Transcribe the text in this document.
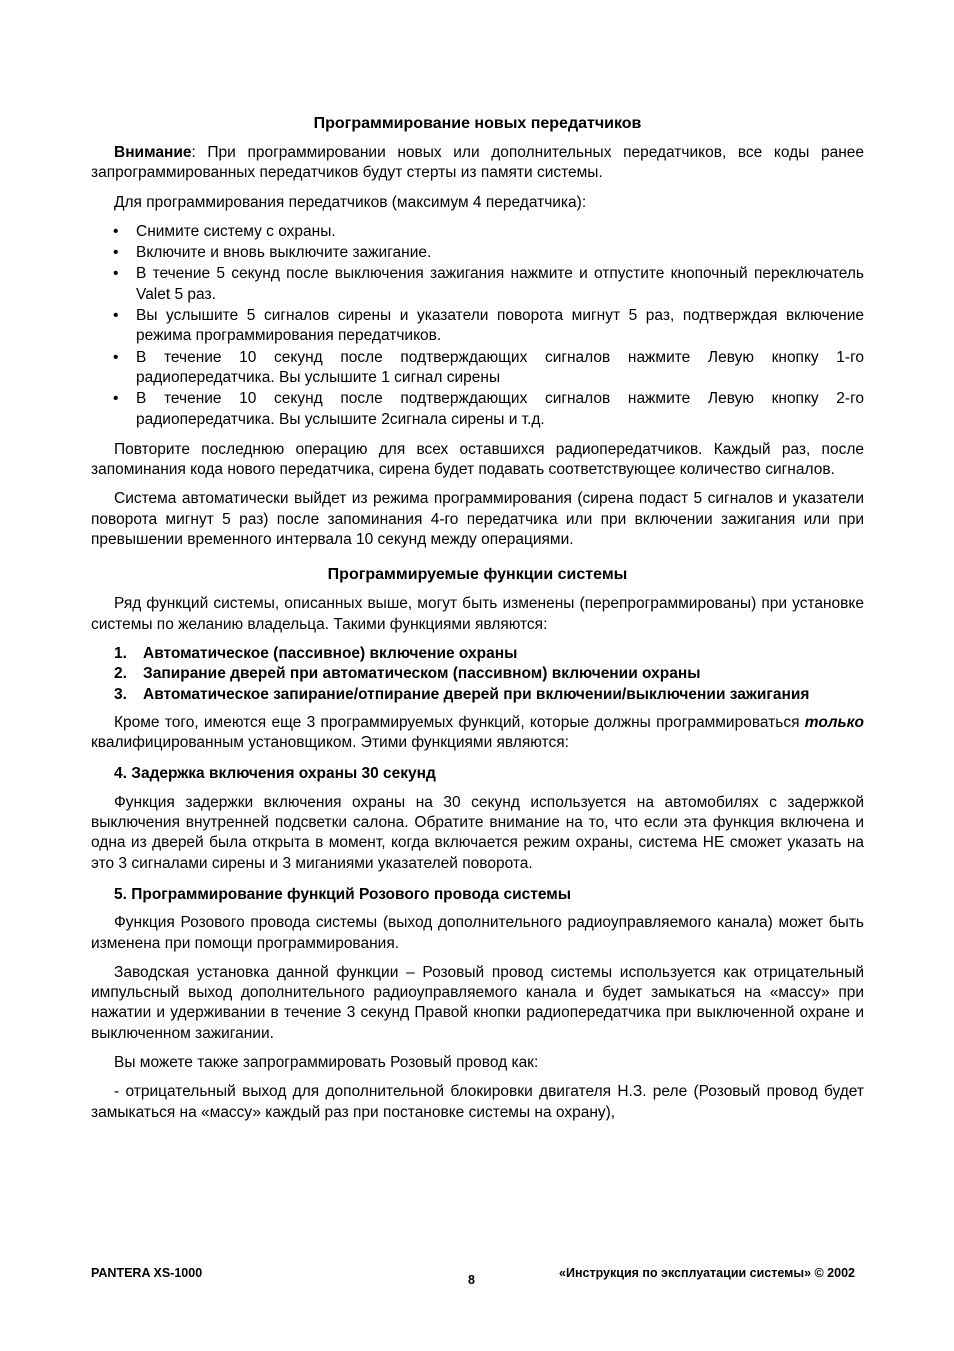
Программирование новых передатчиков

Внимание: При программировании новых или дополнительных передатчиков, все коды ранее запрограммированных передатчиков будут стерты из памяти системы.

Для программирования передатчиков (максимум 4 передатчика):

• Снимите систему с охраны.
• Включите и вновь выключите зажигание.
• В течение 5 секунд после выключения зажигания нажмите и отпустите кнопочный переключатель Valet 5 раз.
• Вы услышите 5 сигналов сирены и указатели поворота мигнут 5 раз, подтверждая включение режима программирования передатчиков.
• В течение 10 секунд после подтверждающих сигналов нажмите Левую кнопку 1-го радиопередатчика. Вы услышите 1 сигнал сирены
• В течение 10 секунд после подтверждающих сигналов нажмите Левую кнопку 2-го радиопередатчика. Вы услышите 2сигнала сирены и т.д.

Повторите последнюю операцию для всех оставшихся радиопередатчиков. Каждый раз, после запоминания кода нового передатчика, сирена будет подавать соответствующее количество сигналов.

Система автоматически выйдет из режима программирования (сирена подаст 5 сигналов и указатели поворота мигнут 5 раз) после запоминания 4-го передатчика или при включении зажигания или при превышении временного интервала 10 секунд между операциями.

Программируемые функции системы

Ряд функций системы, описанных выше, могут быть изменены (перепрограммированы) при установке системы по желанию владельца. Такими функциями являются:

1. Автоматическое (пассивное) включение охраны
2. Запирание дверей при автоматическом (пассивном) включении охраны
3. Автоматическое запирание/отпирание дверей при включении/выключении зажигания

Кроме того, имеются еще 3 программируемых функций, которые должны программироваться только квалифицированным установщиком. Этими функциями являются:

4. Задержка включения охраны 30 секунд

Функция задержки включения охраны на 30 секунд используется на автомобилях с задержкой выключения внутренней подсветки салона. Обратите внимание на то, что если эта функция включена и одна из дверей была открыта в момент, когда включается режим охраны, система НЕ сможет указать на это 3 сигналами сирены и 3 миганиями указателей поворота.

5. Программирование функций Розового провода системы

Функция Розового провода системы (выход дополнительного радиоуправляемого канала) может быть изменена при помощи программирования.

Заводская установка данной функции – Розовый провод системы используется как отрицательный импульсный выход дополнительного радиоуправляемого канала и будет замыкаться на «массу» при нажатии и удерживании в течение 3 секунд Правой кнопки радиопередатчика при выключенной охране и выключенном зажигании.

Вы можете также запрограммировать Розовый провод как:

- отрицательный выход для дополнительной блокировки двигателя Н.З. реле (Розовый провод будет замыкаться на «массу» каждый раз при постановке системы на охрану),

PANTERA XS-1000	8	«Инструкция по эксплуатации системы» © 2002
